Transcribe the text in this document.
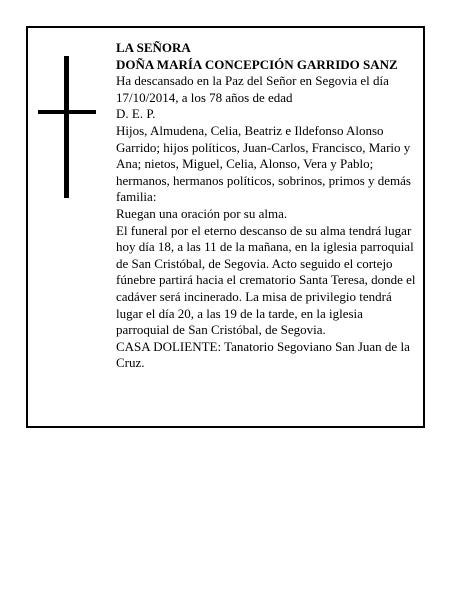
LA SEÑORA

DOÑA MARÍA CONCEPCIÓN GARRIDO SANZ

Ha descansado en la Paz del Señor en Segovia el día 17/10/2014, a los 78 años de edad

D. E. P.

Hijos, Almudena, Celia, Beatriz e Ildefonso Alonso Garrido; hijos políticos, Juan-Carlos, Francisco, Mario y Ana; nietos, Miguel, Celia, Alonso, Vera y Pablo; hermanos, hermanos políticos, sobrinos, primos y demás familia:

Ruegan una oración por su alma.

El funeral por el eterno descanso de su alma tendrá lugar hoy día 18, a las 11 de la mañana, en la iglesia parroquial de San Cristóbal, de Segovia. Acto seguido el cortejo fúnebre partirá hacia el crematorio Santa Teresa, donde el cadáver será incinerado. La misa de privilegio tendrá lugar el día 20, a las 19 de la tarde, en la iglesia parroquial de San Cristóbal, de Segovia.

CASA DOLIENTE: Tanatorio Segoviano San Juan de la Cruz.
